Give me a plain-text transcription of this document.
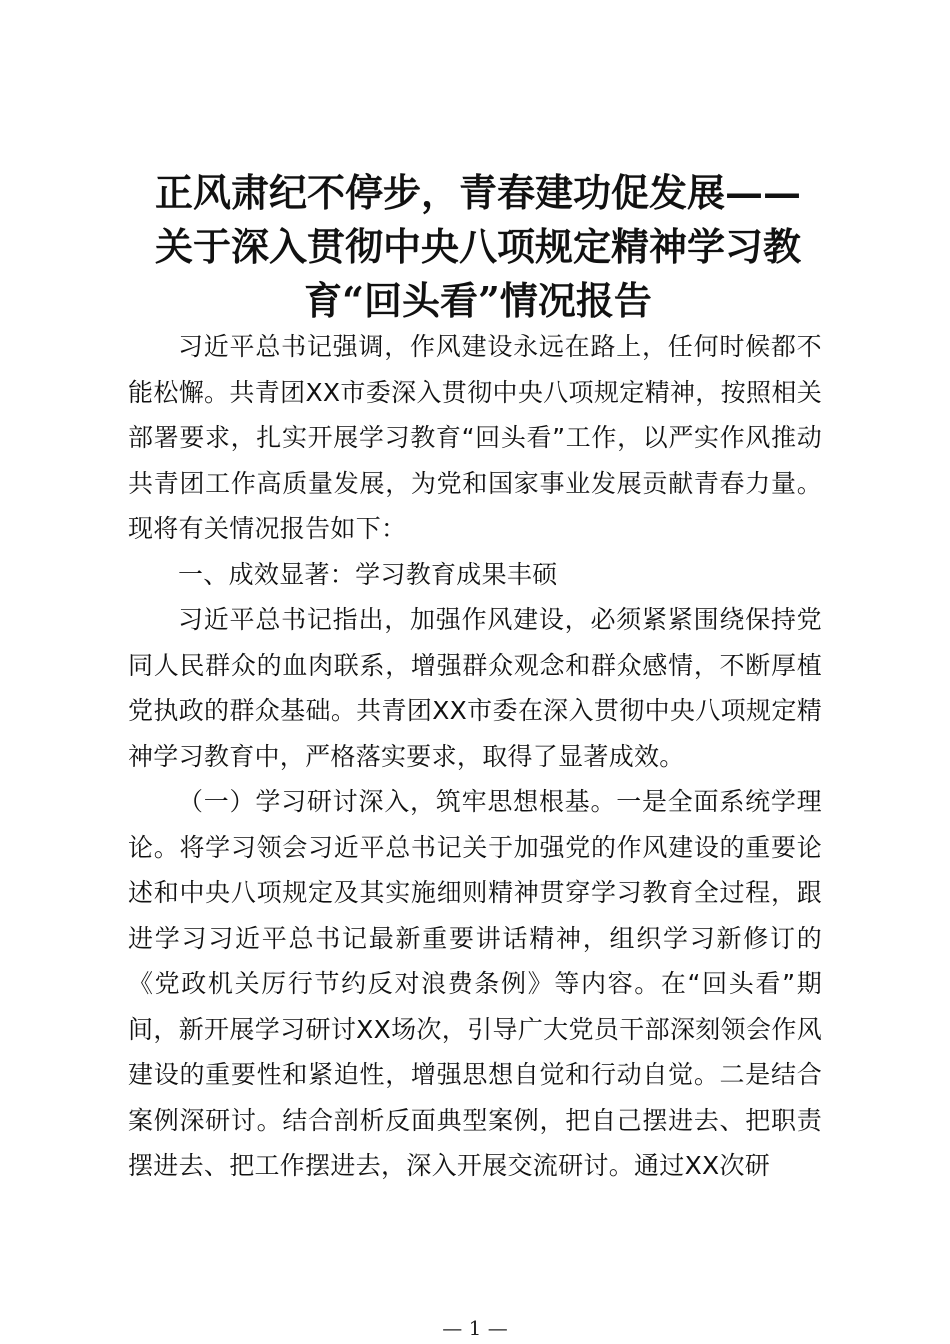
正风肃纪不停步，青春建功促发展——
关于深入贯彻中央八项规定精神学习教
育“回头看”情况报告

习近平总书记强调，作风建设永远在路上，任何时候都不能松懈。共青团XX市委深入贯彻中央八项规定精神，按照相关部署要求，扎实开展学习教育“回头看”工作，以严实作风推动共青团工作高质量发展，为党和国家事业发展贡献青春力量。现将有关情况报告如下：

一、成效显著：学习教育成果丰硕

习近平总书记指出，加强作风建设，必须紧紧围绕保持党同人民群众的血肉联系，增强群众观念和群众感情，不断厚植党执政的群众基础。共青团XX市委在深入贯彻中央八项规定精神学习教育中，严格落实要求，取得了显著成效。

（一）学习研讨深入，筑牢思想根基。一是全面系统学理论。将学习领会习近平总书记关于加强党的作风建设的重要论述和中央八项规定及其实施细则精神贯穿学习教育全过程，跟进学习习近平总书记最新重要讲话精神，组织学习新修订的《党政机关厉行节约反对浪费条例》等内容。在“回头看”期间，新开展学习研讨XX场次，引导广大党员干部深刻领会作风建设的重要性和紧迫性，增强思想自觉和行动自觉。二是结合案例深研讨。结合剖析反面典型案例，把自己摆进去、把职责摆进去、把工作摆进去，深入开展交流研讨。通过XX次研

— 1 —
